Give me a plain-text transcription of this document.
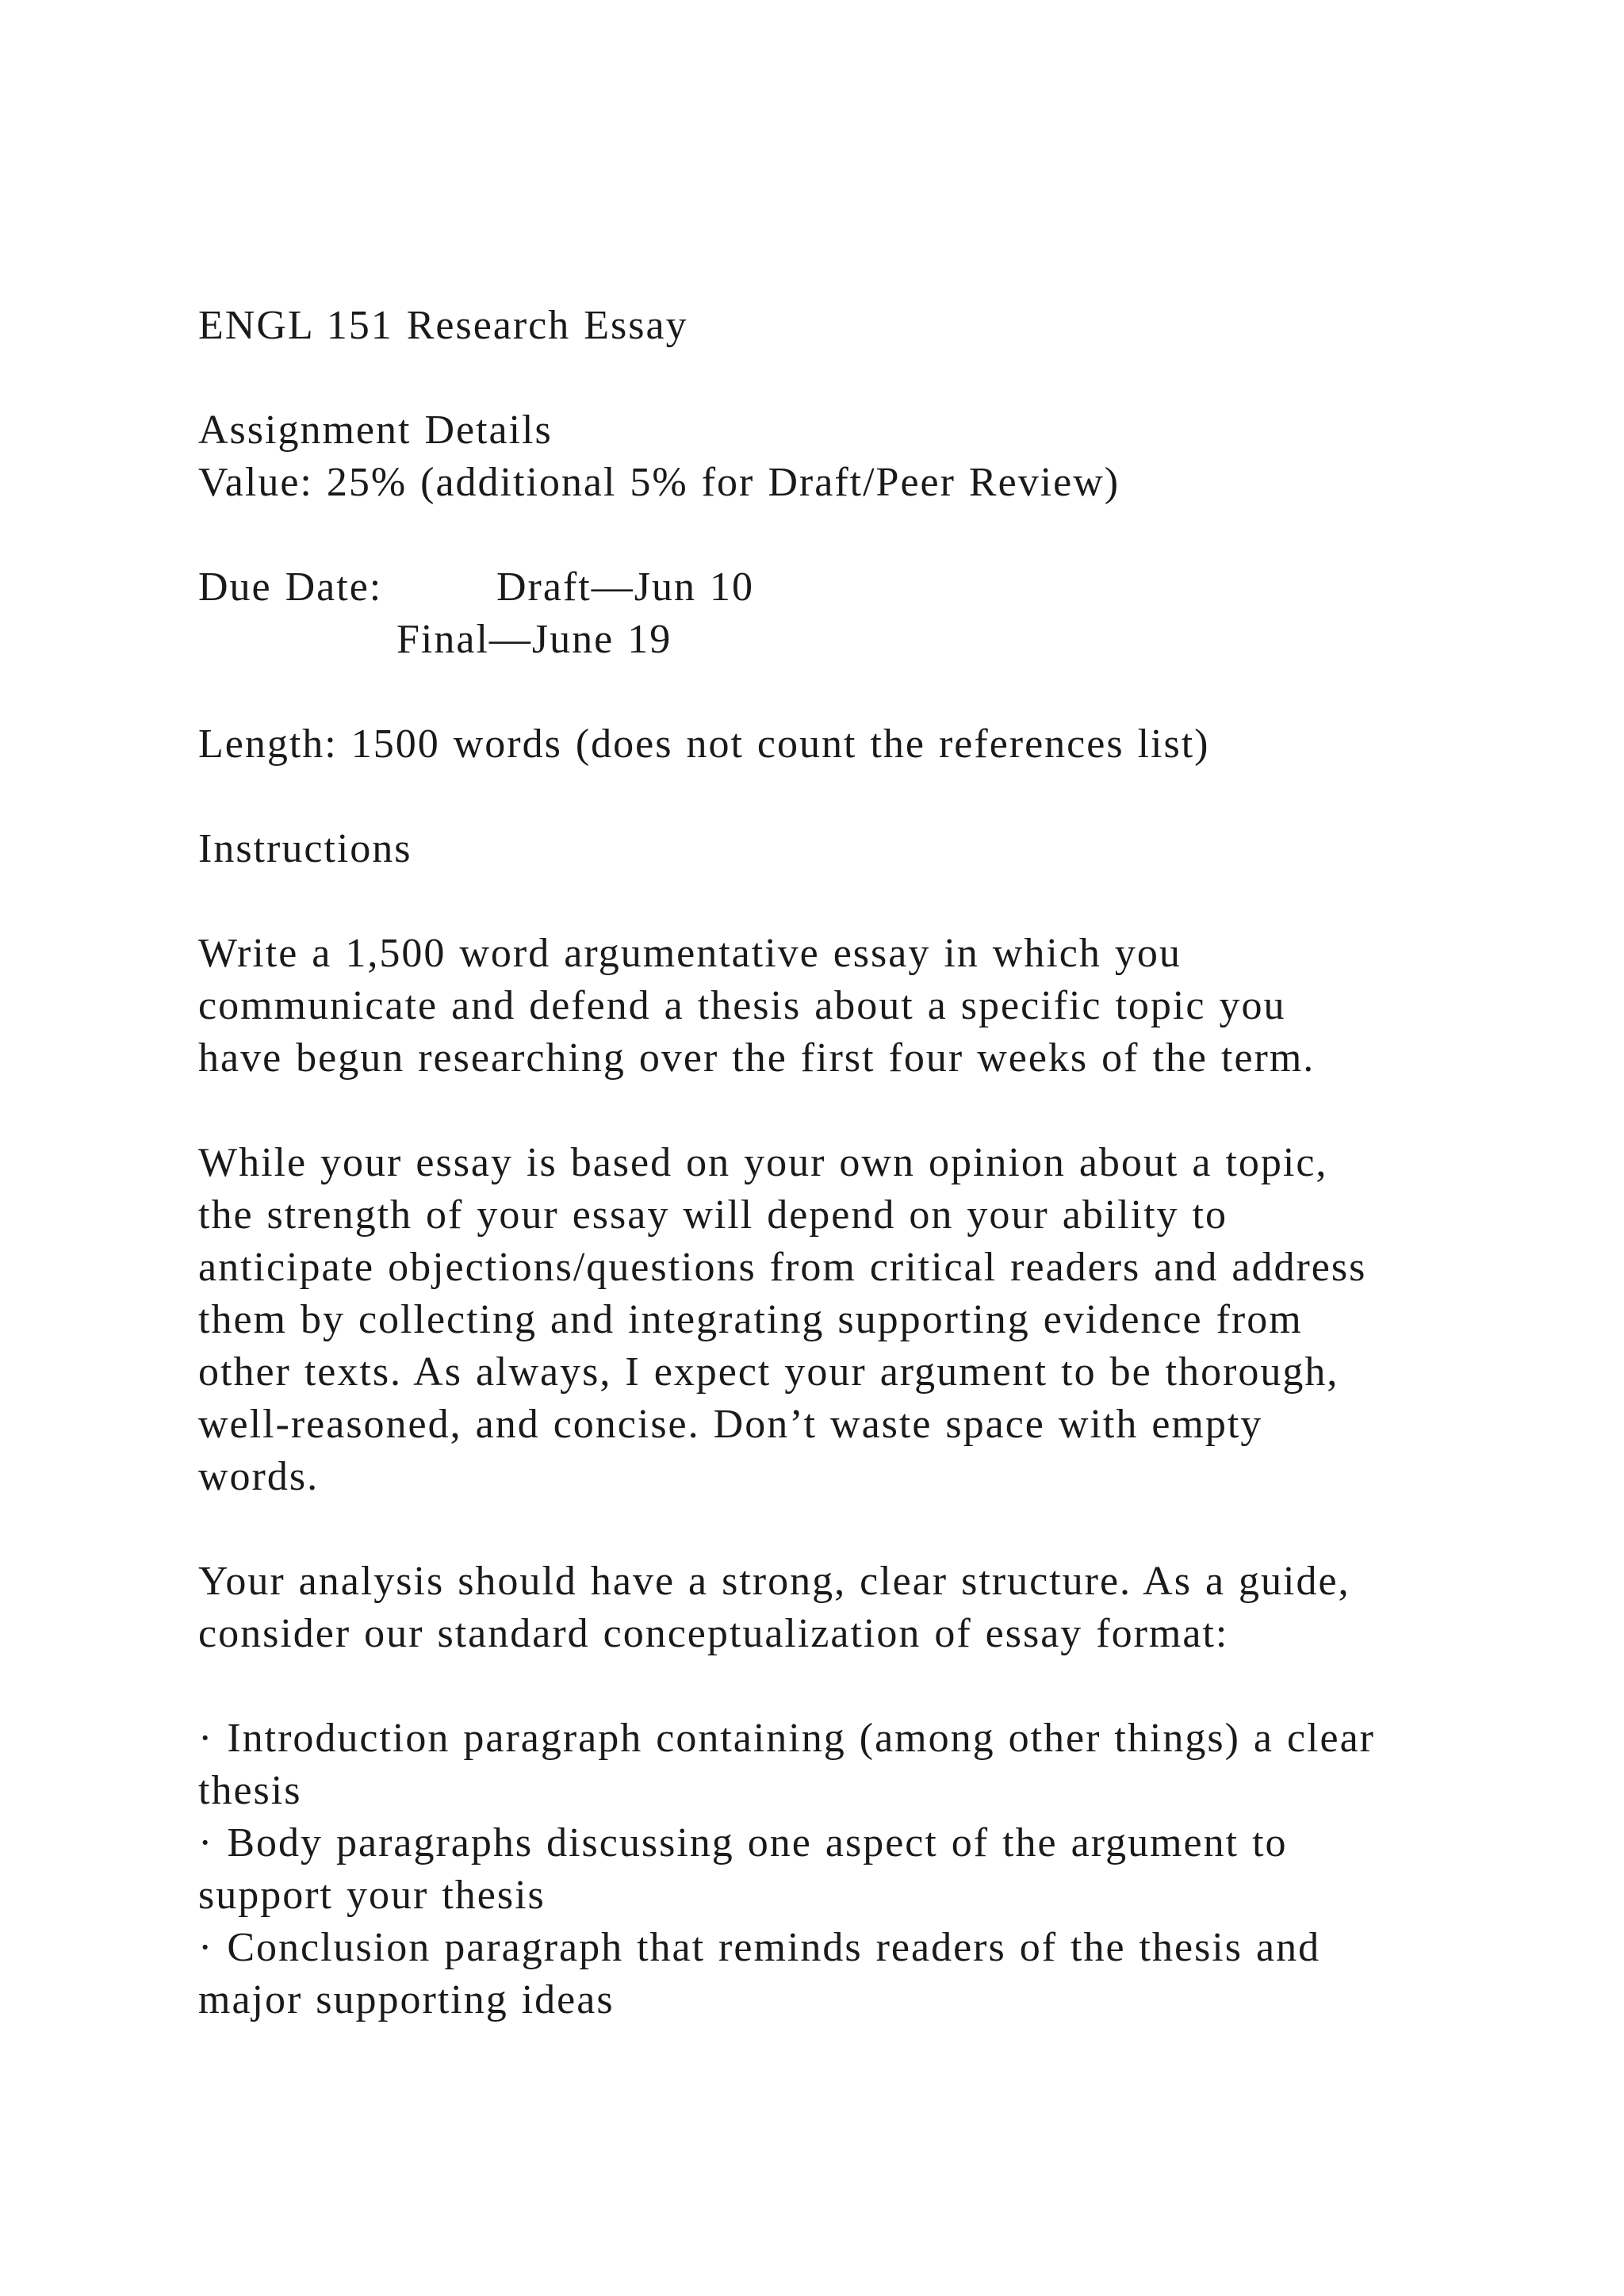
ENGL 151 Research Essay
Assignment Details
Value: 25% (additional 5% for Draft/Peer Review)

Due Date:

	Draft—Jun 10

Final—June 19

Length: 1500 words (does not count the references list)
Instructions
Write a 1,500 word argumentative essay in which you
communicate and defend a thesis about a specific topic you
have begun researching over the first four weeks of the term.
While your essay is based on your own opinion about a topic,
the strength of your essay will depend on your ability to
anticipate objections/questions from critical readers and address
them by collecting and integrating supporting evidence from
other texts. As always, I expect your argument to be thorough,
well-reasoned, and concise. Don’t waste space with empty
words.
Your analysis should have a strong, clear structure. As a guide,
consider our standard conceptualization of essay format:
· Introduction paragraph containing (among other things) a clear
thesis
· Body paragraphs discussing one aspect of the argument to
support your thesis
· Conclusion paragraph that reminds readers of the thesis and
major supporting ideas
